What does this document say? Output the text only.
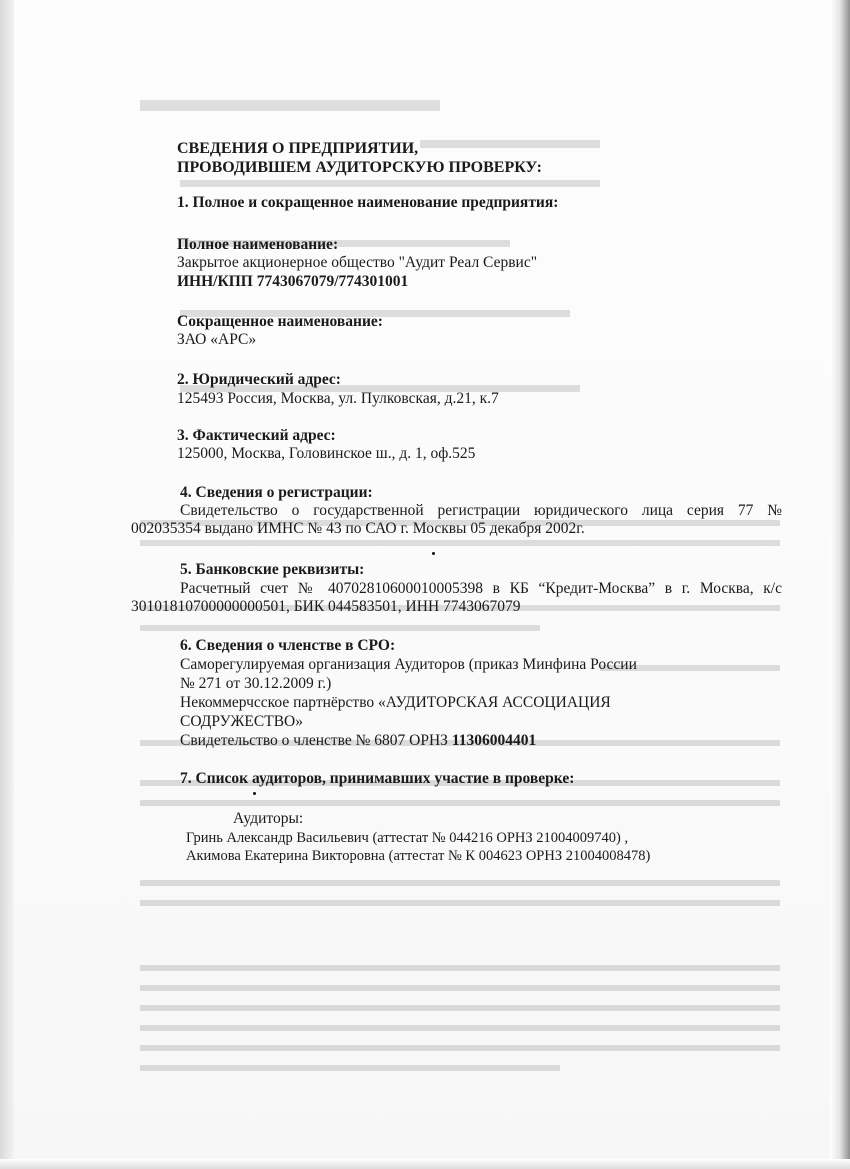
СВЕДЕНИЯ О ПРЕДПРИЯТИИ,
ПРОВОДИВШЕМ АУДИТОРСКУЮ ПРОВЕРКУ:
1. Полное и сокращенное наименование предприятия:
Полное наименование:
Закрытое акционерное общество "Аудит Реал Сервис"
ИНН/КПП 7743067079/774301001
Сокращенное наименование:
ЗАО «АРС»
2. Юридический адрес:
125493 Россия, Москва, ул. Пулковская, д.21, к.7
3. Фактический адрес:
125000, Москва, Головинское ш., д. 1, оф.525
4. Сведения о регистрации:
Свидетельство о государственной регистрации юридического лица серия 77 №
002035354 выдано ИМНС № 43 по САО г. Москвы 05 декабря 2002г.
5. Банковские реквизиты:
Расчетный счет № 40702810600010005398 в КБ “Кредит-Москва” в г. Москва, к/с
30101810700000000501, БИК 044583501, ИНН 7743067079
6. Сведения о членстве в СРО:
Саморегулируемая организация Аудиторов (приказ Минфина России
№ 271 от 30.12.2009 г.)
Некоммерчсское партнёрство «АУДИТОРСКАЯ АССОЦИАЦИЯ
СОДРУЖЕСТВО»
Свидетельство о членстве № 6807 ОРНЗ 11306004401
7. Список аудиторов, принимавших участие в проверке:
Аудиторы:
Гринь Александр Васильевич (аттестат № 044216 ОРНЗ 21004009740) ,
Акимова Екатерина Викторовна (аттестат № К 004623 ОРНЗ 21004008478)
